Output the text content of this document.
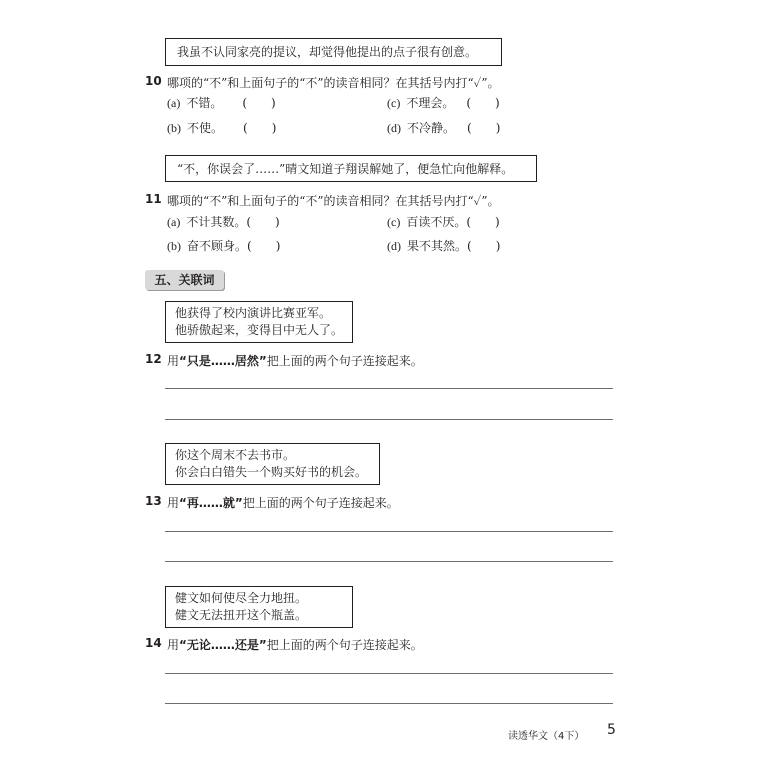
我虽不认同家亮的提议，却觉得他提出的点子很有创意。
10 哪项的“不”和上面句子的“不”的读音相同？在其括号内打“✓”。
(a) 不错。 (　　)	(c) 不理会。 (　　)
(b) 不使。 (　　)	(d) 不冷静。 (　　)
“不，你误会了……”晴文知道子翔误解她了，便急忙向他解释。
11 哪项的“不”和上面句子的“不”的读音相同？在其括号内打“✓”。
(a) 不计其数。(　　)	(c) 百读不厌。(　　)
(b) 奋不顾身。(　　)	(d) 果不其然。(　　)
五、关联词
他获得了校内演讲比赛亚军。
他骄傲起来，变得目中无人了。
12 用“只是……居然”把上面的两个句子连接起来。
你这个周末不去书市。
你会白白错失一个购买好书的机会。
13 用“再……就”把上面的两个句子连接起来。
健文如何使尽全力地扭。
健文无法扭开这个瓶盖。
14 用“无论……还是”把上面的两个句子连接起来。
读透华文（4下） 5
